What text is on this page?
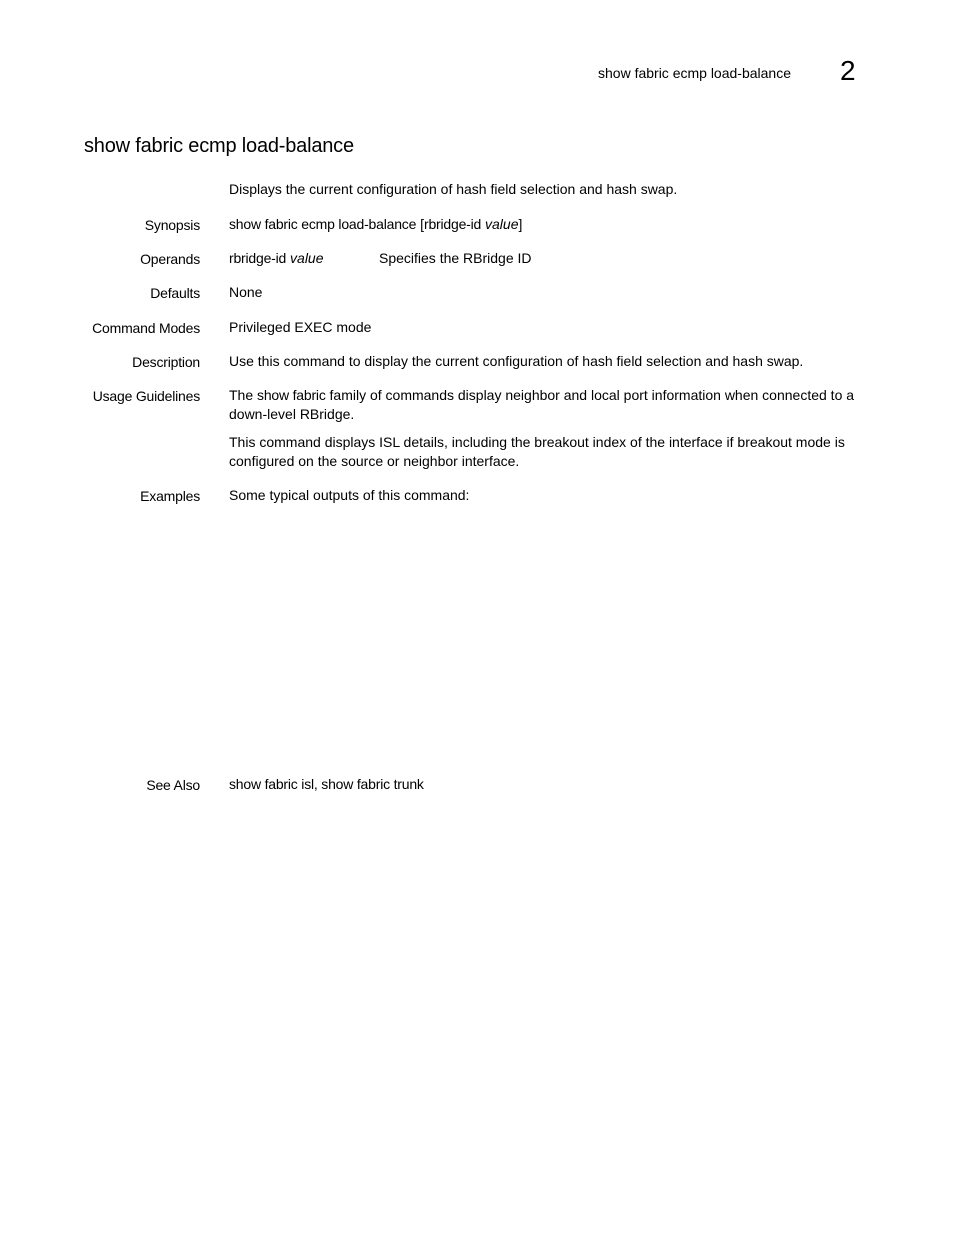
show fabric ecmp load-balance 2
show fabric ecmp load-balance
Displays the current configuration of hash field selection and hash swap.
Synopsis show fabric ecmp load-balance [rbridge-id value]
Operands rbridge-id value	Specifies the RBridge ID
Defaults None
Command Modes Privileged EXEC mode
Description Use this command to display the current configuration of hash field selection and hash swap.
Usage Guidelines The show fabric family of commands display neighbor and local port information when connected to a down-level RBridge.
This command displays ISL details, including the breakout index of the interface if breakout mode is configured on the source or neighbor interface.
Examples Some typical outputs of this command:
See Also show fabric isl, show fabric trunk
